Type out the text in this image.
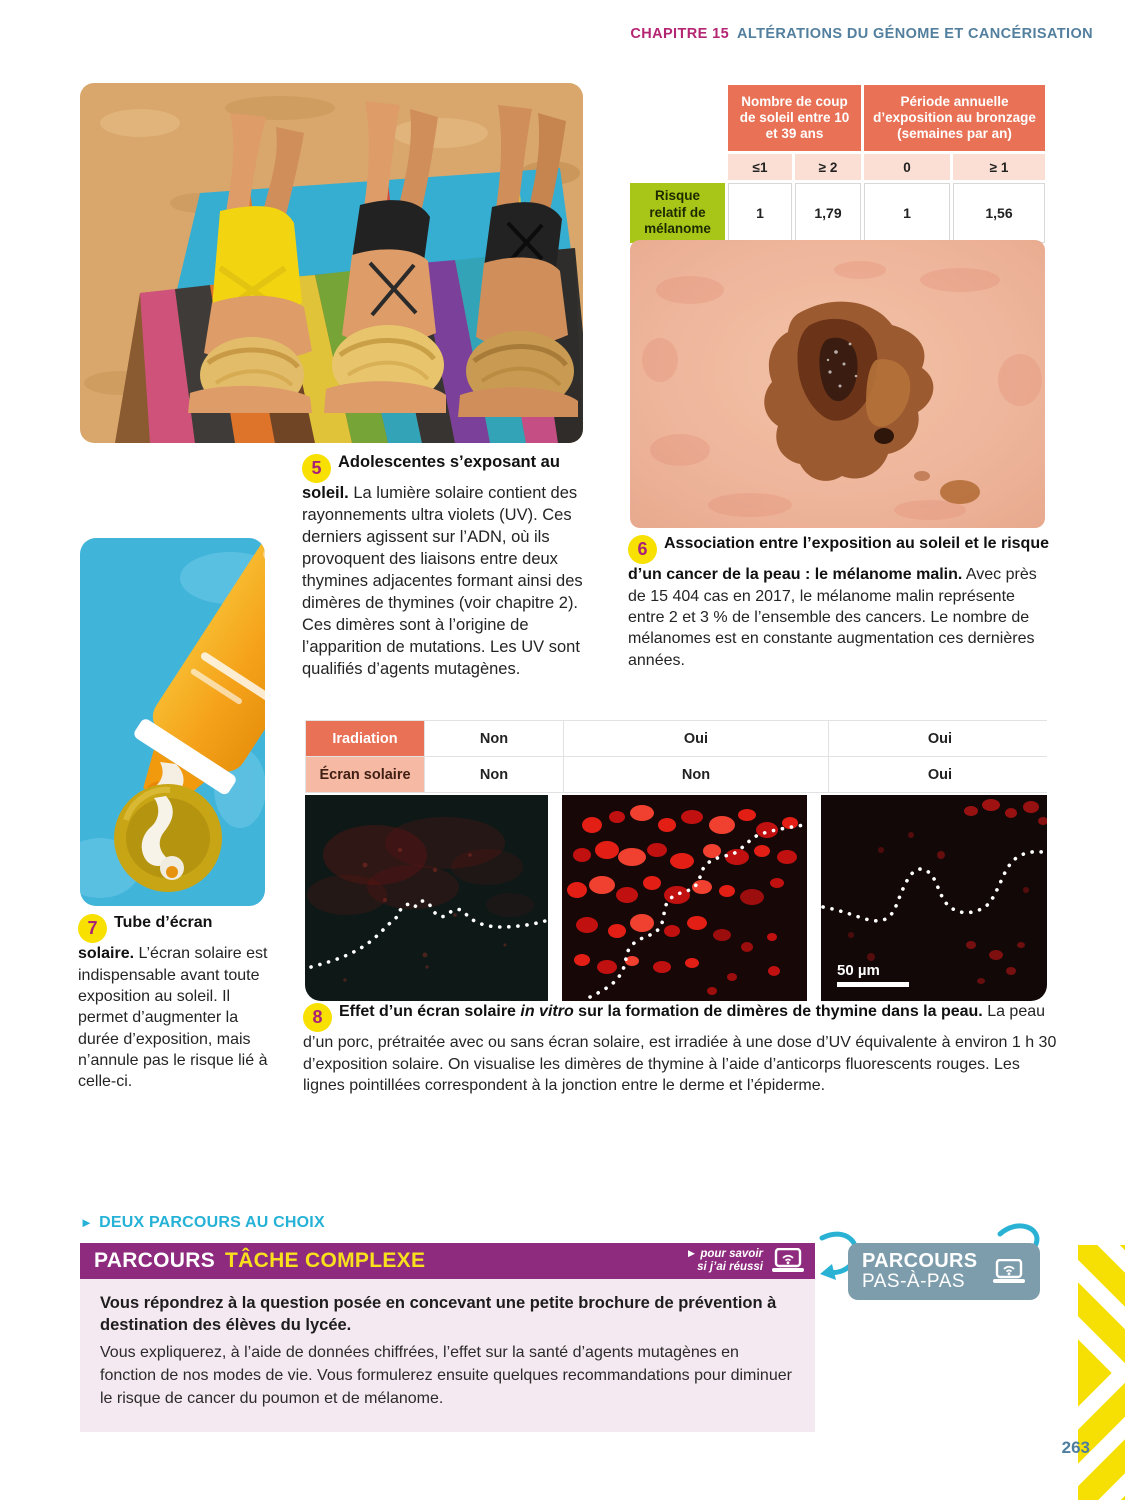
CHAPITRE 15 ALTÉRATIONS DU GÉNOME ET CANCÉRISATION
Nombre de coup de soleil entre 10 et 39 ans
Période annuelle d’exposition au bronzage (semaines par an)
≤1	≥ 2	0	≥ 1
Risque relatif de mélanome
1	1,79	1	1,56

5 Adolescentes s’exposant au soleil. La lumière solaire contient des rayonnements ultra violets (UV). Ces derniers agissent sur l’ADN, où ils provoquent des liaisons entre deux thymines adjacentes formant ainsi des dimères de thymines (voir chapitre 2). Ces dimères sont à l’origine de l’apparition de mutations. Les UV sont qualifiés d’agents mutagènes.

6 Association entre l’exposition au soleil et le risque d’un cancer de la peau : le mélanome malin. Avec près de 15 404 cas en 2017, le mélanome malin représente entre 2 et 3 % de l’ensemble des cancers. Le nombre de mélanomes est en constante augmentation ces dernières années.

7 Tube d’écran solaire. L’écran solaire est indispensable avant toute exposition au soleil. Il permet d’augmenter la durée d’exposition, mais n’annule pas le risque lié à celle-ci.

Iradiation	Non	Oui	Oui
Écran solaire	Non	Non	Oui
50 µm

8 Effet d’un écran solaire in vitro sur la formation de dimères de thymine dans la peau. La peau d’un porc, prétraitée avec ou sans écran solaire, est irradiée à une dose d’UV équivalente à environ 1 h 30 d’exposition solaire. On visualise les dimères de thymine à l’aide d’anticorps fluorescents rouges. Les lignes pointillées correspondent à la jonction entre le derme et l’épiderme.

► DEUX PARCOURS AU CHOIX
PARCOURS TÂCHE COMPLEXE	► pour savoir
si j’ai réussi

Vous répondrez à la question posée en concevant une petite brochure de prévention à destination des élèves du lycée.

Vous expliquerez, à l’aide de données chiffrées, l’effet sur la santé d’agents mutagènes en fonction de nos modes de vie. Vous formulerez ensuite quelques recommandations pour diminuer le risque de cancer du poumon et de mélanome.

PARCOURS
PAS-À-PAS
263
